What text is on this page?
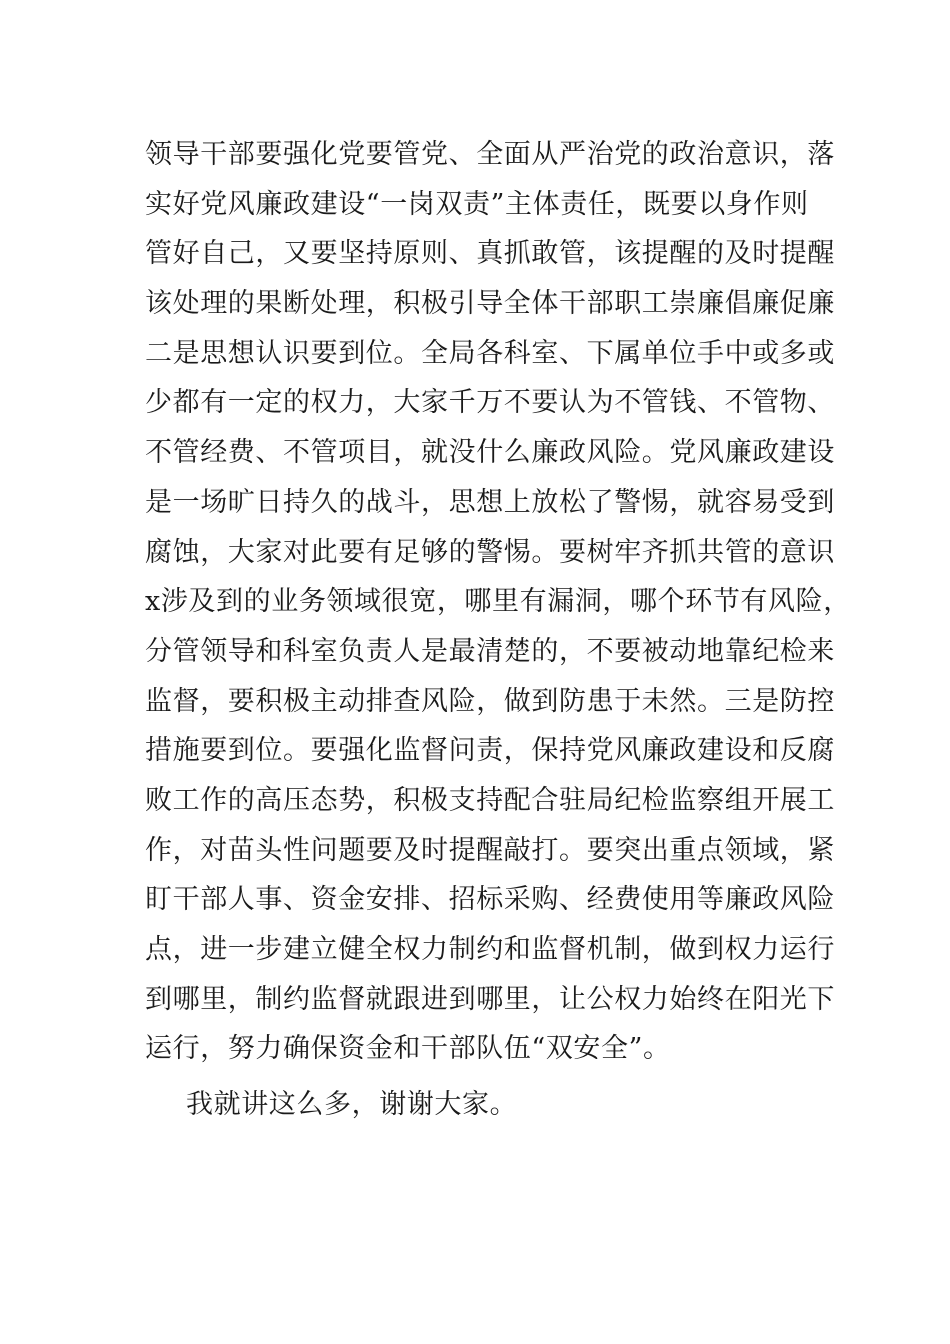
领导干部要强化党要管党、全面从严治党的政治意识，落
实好党风廉政建设“一岗双责”主体责任，既要以身作则
管好自己，又要坚持原则、真抓敢管，该提醒的及时提醒
该处理的果断处理，积极引导全体干部职工崇廉倡廉促廉
二是思想认识要到位。全局各科室、下属单位手中或多或
少都有一定的权力，大家千万不要认为不管钱、不管物、
不管经费、不管项目，就没什么廉政风险。党风廉政建设
是一场旷日持久的战斗，思想上放松了警惕，就容易受到
腐蚀，大家对此要有足够的警惕。要树牢齐抓共管的意识
x涉及到的业务领域很宽，哪里有漏洞，哪个环节有风险，
分管领导和科室负责人是最清楚的，不要被动地靠纪检来
监督，要积极主动排查风险，做到防患于未然。三是防控
措施要到位。要强化监督问责，保持党风廉政建设和反腐
败工作的高压态势，积极支持配合驻局纪检监察组开展工
作，对苗头性问题要及时提醒敲打。要突出重点领域，紧
盯干部人事、资金安排、招标采购、经费使用等廉政风险
点，进一步建立健全权力制约和监督机制，做到权力运行
到哪里，制约监督就跟进到哪里，让公权力始终在阳光下
运行，努力确保资金和干部队伍“双安全”。
我就讲这么多，谢谢大家。
